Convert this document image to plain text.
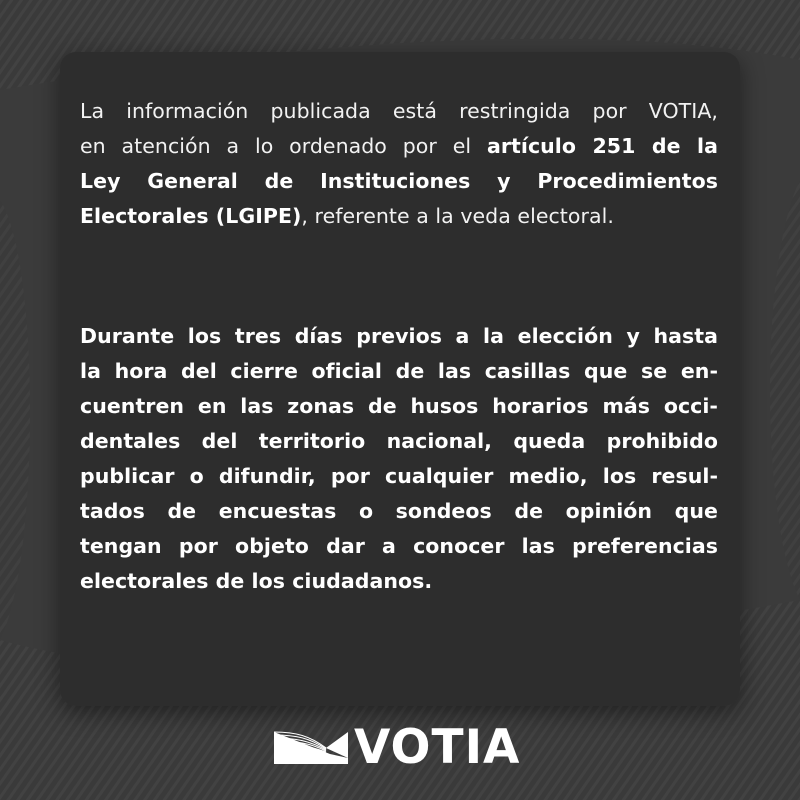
La información publicada está restringida por VOTIA,
en atención a lo ordenado por el artículo 251 de la
Ley General de Instituciones y Procedimientos
Electorales (LGIPE), referente a la veda electoral.
Durante los tres días previos a la elección y hasta
la hora del cierre oficial de las casillas que se en-
cuentren en las zonas de husos horarios más occi-
dentales del territorio nacional, queda prohibido
publicar o difundir, por cualquier medio, los resul-
tados de encuestas o sondeos de opinión que
tengan por objeto dar a conocer las preferencias
electorales de los ciudadanos.
VOTIA
